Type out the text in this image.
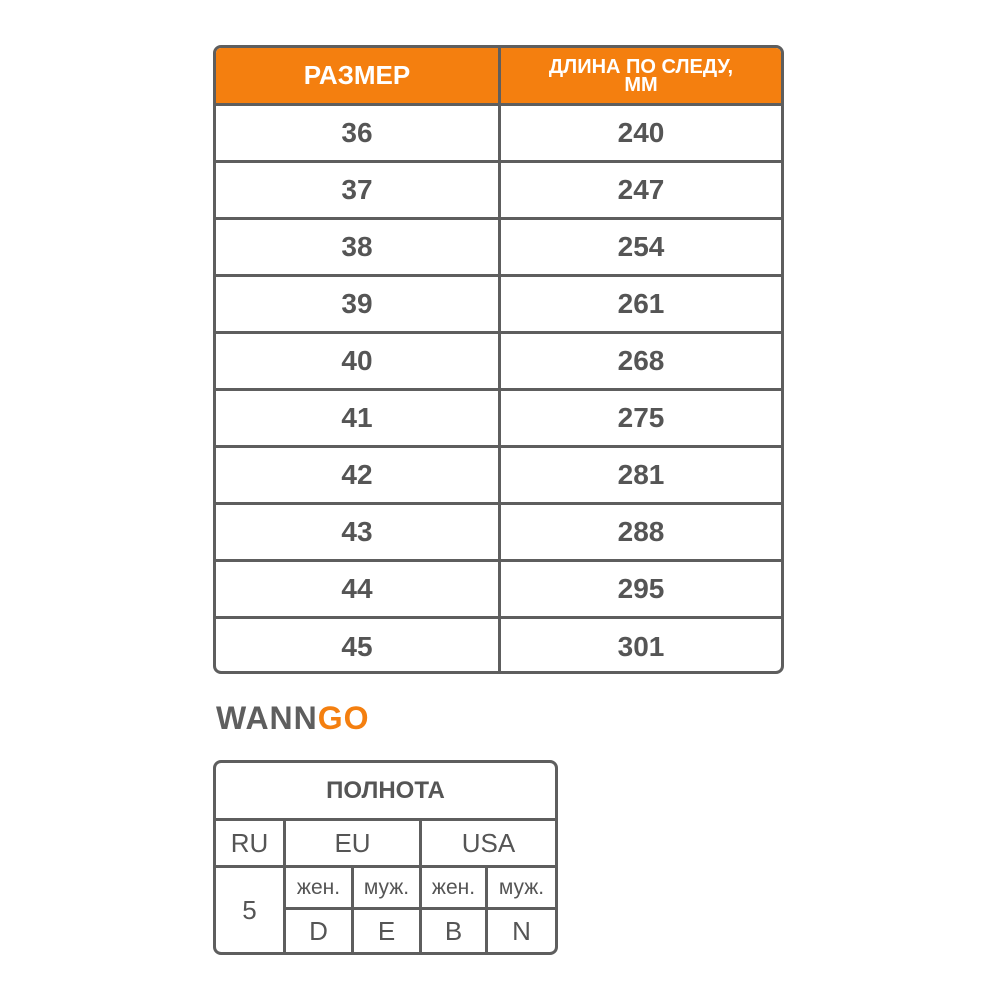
РАЗМЕР	ДЛИНА ПО СЛЕДУ,
ММ
36	240
37	247
38	254
39	261
40	268
41	275
42	281
43	288
44	295
45	301
WANNGO
ПОЛНОТА
RU	EU	USA
5
жен.	муж.	жен.	муж.
D	E	B	N
